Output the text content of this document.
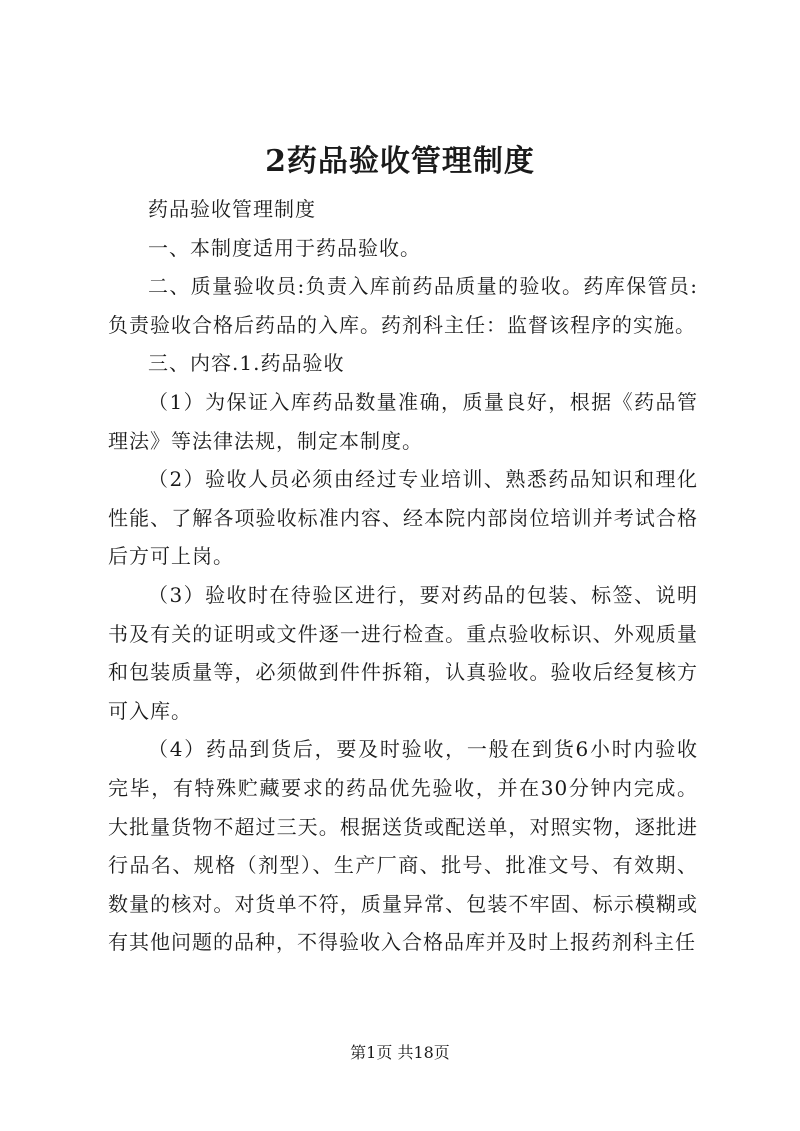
2药品验收管理制度

药品验收管理制度

一、本制度适用于药品验收。

二、质量验收员:负责入库前药品质量的验收。药库保管员:负责验收合格后药品的入库。药剂科主任：监督该程序的实施。

三、内容.1.药品验收

（1）为保证入库药品数量准确，质量良好，根据《药品管理法》等法律法规，制定本制度。

（2）验收人员必须由经过专业培训、熟悉药品知识和理化性能、了解各项验收标准内容、经本院内部岗位培训并考试合格后方可上岗。

（3）验收时在待验区进行，要对药品的包装、标签、说明书及有关的证明或文件逐一进行检查。重点验收标识、外观质量和包装质量等，必须做到件件拆箱，认真验收。验收后经复核方可入库。

（4）药品到货后，要及时验收，一般在到货6小时内验收完毕，有特殊贮藏要求的药品优先验收，并在30分钟内完成。大批量货物不超过三天。根据送货或配送单，对照实物，逐批进行品名、规格（剂型）、生产厂商、批号、批准文号、有效期、数量的核对。对货单不符，质量异常、包装不牢固、标示模糊或有其他问题的品种，不得验收入合格品库并及时上报药剂科主任

第1页 共18页
